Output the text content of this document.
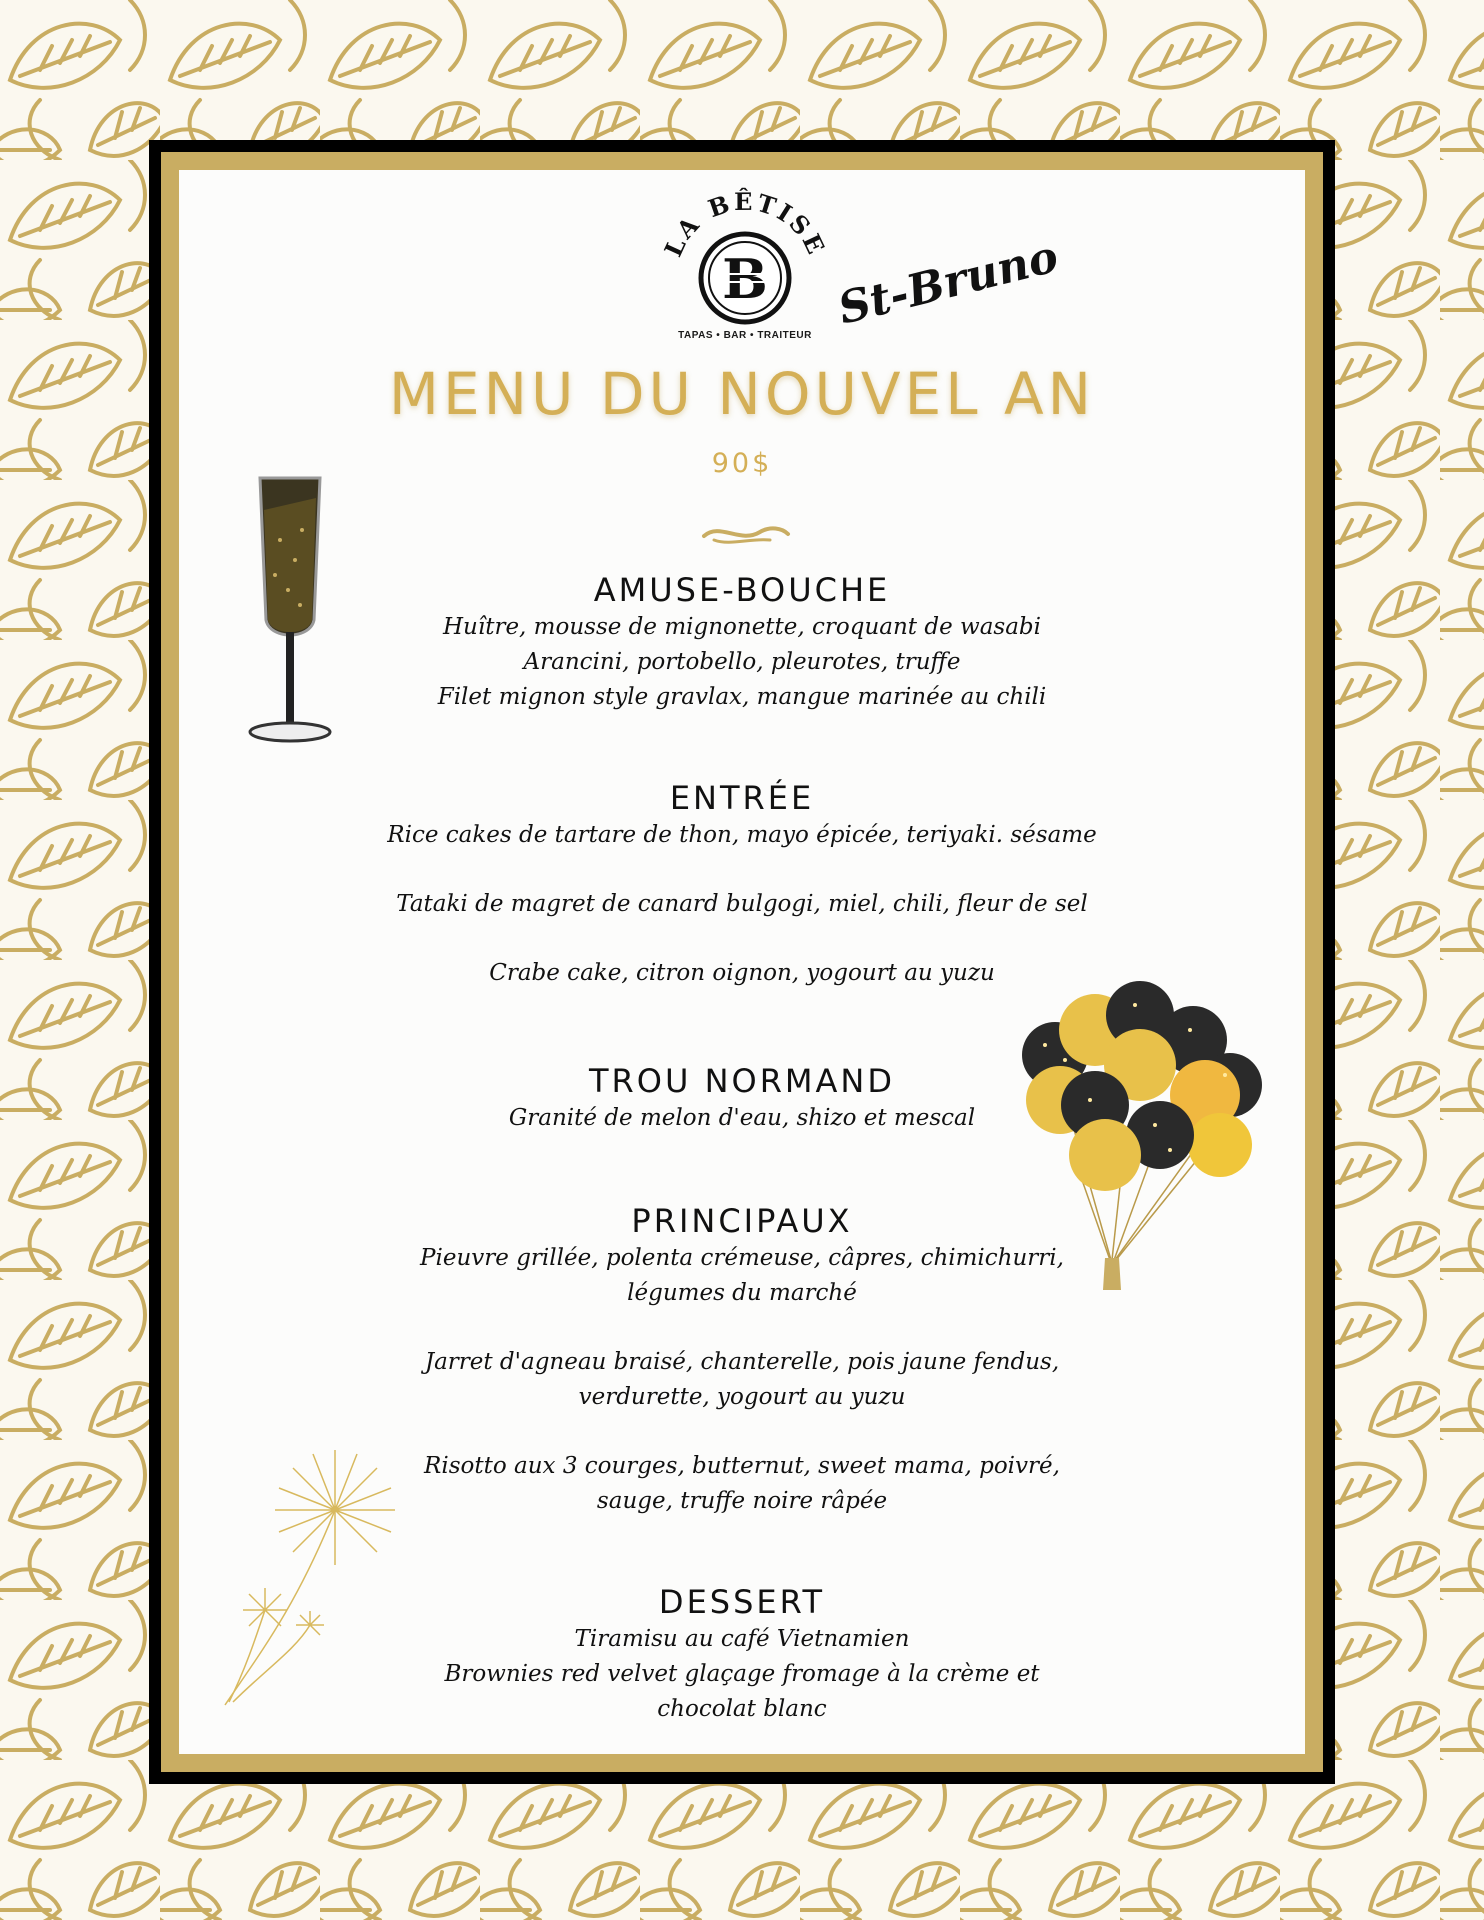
LA BÊTISE
B
TAPAS • BAR • TRAITEUR
St-Bruno
MENU DU NOUVEL AN
90$
AMUSE-BOUCHE

Huître, mousse de mignonette, croquant de wasabi

Arancini, portobello, pleurotes, truffe

Filet mignon style gravlax, mangue marinée au chili

ENTRÉE

Rice cakes de tartare de thon, mayo épicée, teriyaki. sésame

Tataki de magret de canard bulgogi, miel, chili, fleur de sel

Crabe cake, citron oignon, yogourt au yuzu

TROU NORMAND

Granité de melon d'eau, shizo et mescal

PRINCIPAUX

Pieuvre grillée, polenta crémeuse, câpres, chimichurri,

légumes du marché

Jarret d'agneau braisé, chanterelle, pois jaune fendus,

verdurette, yogourt au yuzu

Risotto aux 3 courges, butternut, sweet mama, poivré,

sauge, truffe noire râpée

DESSERT

Tiramisu au café Vietnamien

Brownies red velvet glaçage fromage à la crème et

chocolat blanc
